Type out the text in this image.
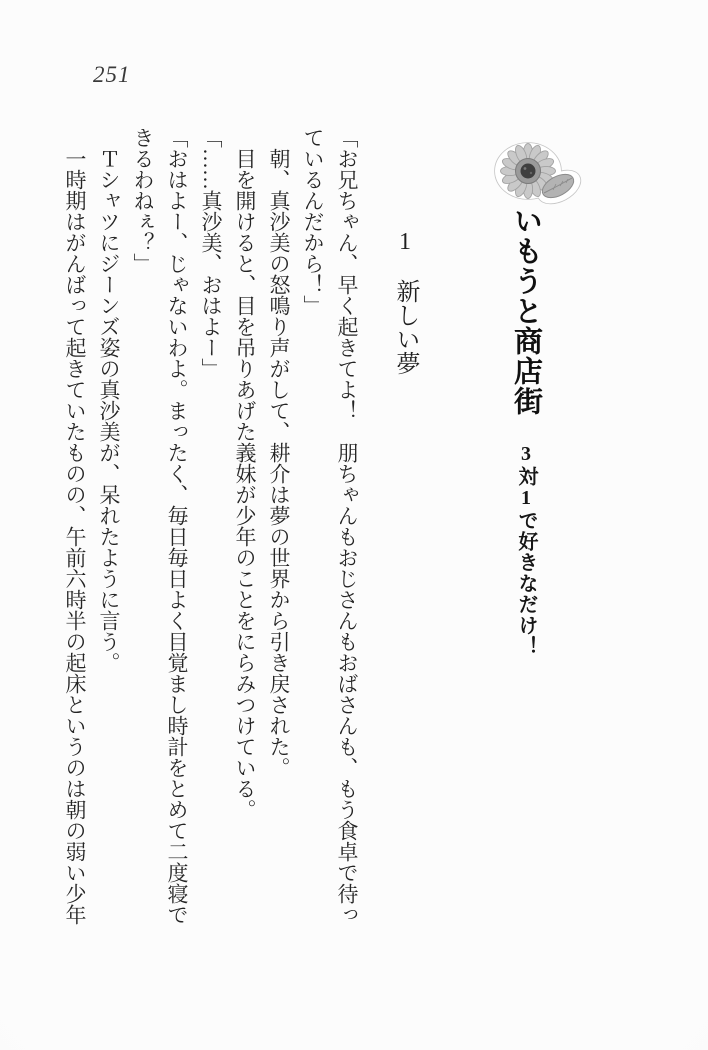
251
いもうと商店街 3対1で好きなだけ！
1　新しい夢

「お兄ちゃん、早く起きてよ！　朋ちゃんもおじさんもおばさんも、もう食卓で待っているんだから！」

　朝、真沙美の怒鳴り声がして、耕介は夢の世界から引き戻された。

　目を開けると、目を吊りあげた義妹が少年のことをにらみつけている。

「……真沙美、おはよー」

「おはよー、じゃないわよ。まったく、毎日毎日よく目覚まし時計をとめて二度寝できるわねぇ？」

　Ｔシャツにジーンズ姿の真沙美が、呆れたように言う。

　一時期はがんばって起きていたものの、午前六時半の起床というのは朝の弱い少年
